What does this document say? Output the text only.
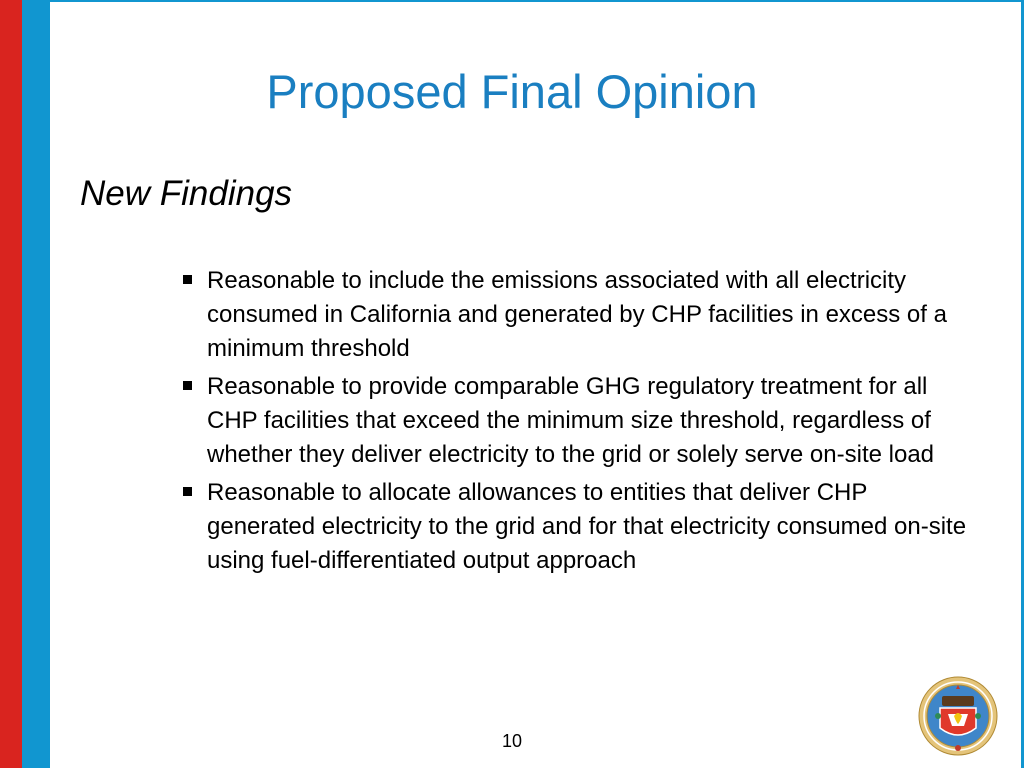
Proposed Final Opinion
New Findings
Reasonable to include the emissions associated with all electricity consumed in California and generated by CHP facilities in excess of a minimum threshold
Reasonable to provide comparable GHG regulatory treatment for all CHP facilities that exceed the minimum size threshold, regardless of whether they deliver electricity to the grid or solely serve on-site load
Reasonable to allocate allowances to entities that deliver CHP generated electricity to the grid and for that electricity consumed on-site using fuel-differentiated output approach
10
